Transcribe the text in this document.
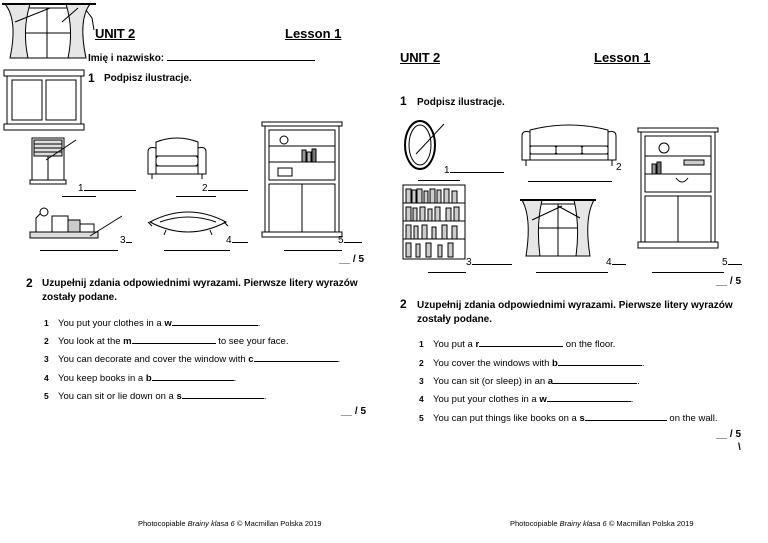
UNIT 2	Lesson 1
Imię i nazwisko:
1 Podpisz ilustracje.
1	2
3	4	5
__ / 5
2 Uzupełnij zdania odpowiednimi wyrazami. Pierwsze litery wyrazów
zostały podane.
1 You put your clothes in a w	.
2 You look at the m	to see your face.
3 You can decorate and cover the window with c	.
4 You keep books in a b	.
5 You can sit or lie down on a s	.
__ / 5
Photocopiable Brainy klasa 6 © Macmillan Polska 2019
UNIT 2	Lesson 1
1 Podpisz ilustracje.
1	2
3	4	5
__ / 5
2 Uzupełnij zdania odpowiednimi wyrazami. Pierwsze litery wyrazów
zostały podane.
1 You put a r	on the floor.
2 You cover the windows with b	.
3 You can sit (or sleep) in an a	.
4 You put your clothes in a w	.
5 You can put things like books on a s	on the wall.
__ / 5
\
Photocopiable Brainy klasa 6 © Macmillan Polska 2019
